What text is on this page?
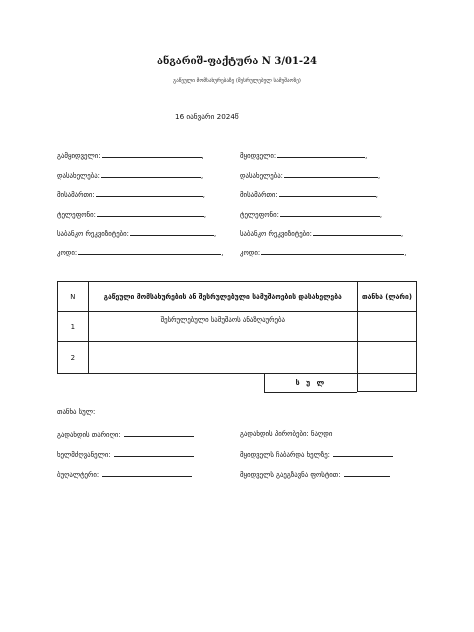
ანგარიშ-ფაქტურა N 3/01-24
გაწეული მომსახურებაზე (შესრულებულ სამუშაოზე)
16 იანვარი 2024წ
გამყიდველი:	,
დასახელება:	,
მისამართი:	,
ტელეფონი:	,
საბანკო რეკვიზიტები:	,
კოდი:	,
მყიდველი:	,
დასახელება:	,
მისამართი:	,
ტელეფონი:	,
საბანკო რეკვიზიტები:	,
კოდი:	,
N	გაწეული მომსახურების ან შესრულებული სამუშაოების დასახელება	თანხა (ლარი)
1	შესრულებული სამუშაოს ანაზღაურება	

2		

ს უ ლ	

თანხა სულ:
გადახდის თარიღი:
ხელმძღვანელი:
ბუღალტერი:
გადახდის პირობები: ნაღდი
მყიდველს ჩაბარდა ხელზე:
მყიდველს გაეგზავნა ფოსტით:
